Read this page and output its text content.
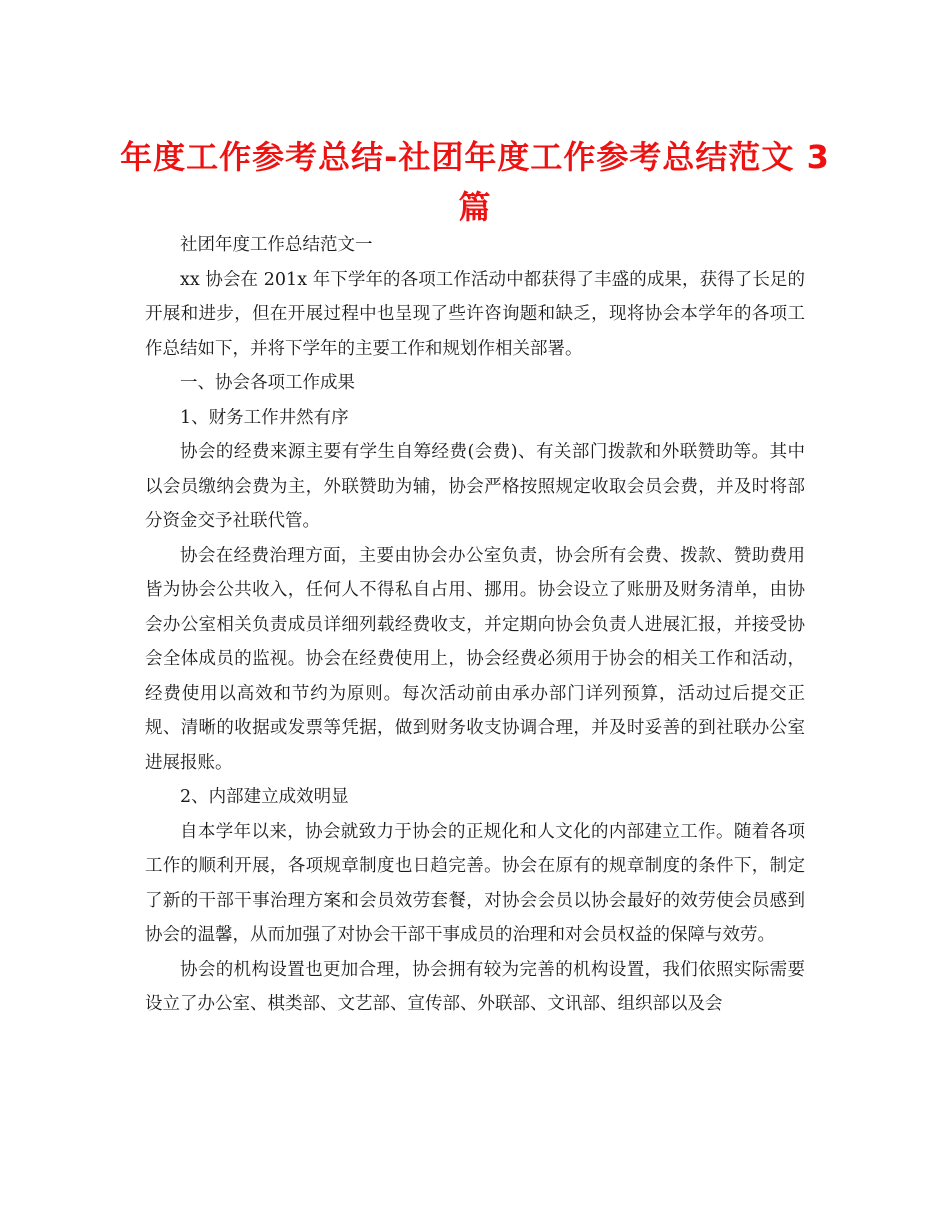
年度工作参考总结-社团年度工作参考总结范文 3 篇

社团年度工作总结范文一

xx 协会在 201x 年下学年的各项工作活动中都获得了丰盛的成果，获得了长足的开展和进步，但在开展过程中也呈现了些许咨询题和缺乏，现将协会本学年的各项工作总结如下，并将下学年的主要工作和规划作相关部署。

一、协会各项工作成果

1、财务工作井然有序

协会的经费来源主要有学生自筹经费(会费)、有关部门拨款和外联赞助等。其中以会员缴纳会费为主，外联赞助为辅，协会严格按照规定收取会员会费，并及时将部分资金交予社联代管。

协会在经费治理方面，主要由协会办公室负责，协会所有会费、拨款、赞助费用皆为协会公共收入，任何人不得私自占用、挪用。协会设立了账册及财务清单，由协会办公室相关负责成员详细列载经费收支，并定期向协会负责人进展汇报，并接受协会全体成员的监视。协会在经费使用上，协会经费必须用于协会的相关工作和活动，经费使用以高效和节约为原则。每次活动前由承办部门详列预算，活动过后提交正规、清晰的收据或发票等凭据，做到财务收支协调合理，并及时妥善的到社联办公室进展报账。

2、内部建立成效明显

自本学年以来，协会就致力于协会的正规化和人文化的内部建立工作。随着各项工作的顺利开展，各项规章制度也日趋完善。协会在原有的规章制度的条件下，制定了新的干部干事治理方案和会员效劳套餐，对协会会员以协会最好的效劳使会员感到协会的温馨，从而加强了对协会干部干事成员的治理和对会员权益的保障与效劳。

协会的机构设置也更加合理，协会拥有较为完善的机构设置，我们依照实际需要设立了办公室、棋类部、文艺部、宣传部、外联部、文讯部、组织部以及会
